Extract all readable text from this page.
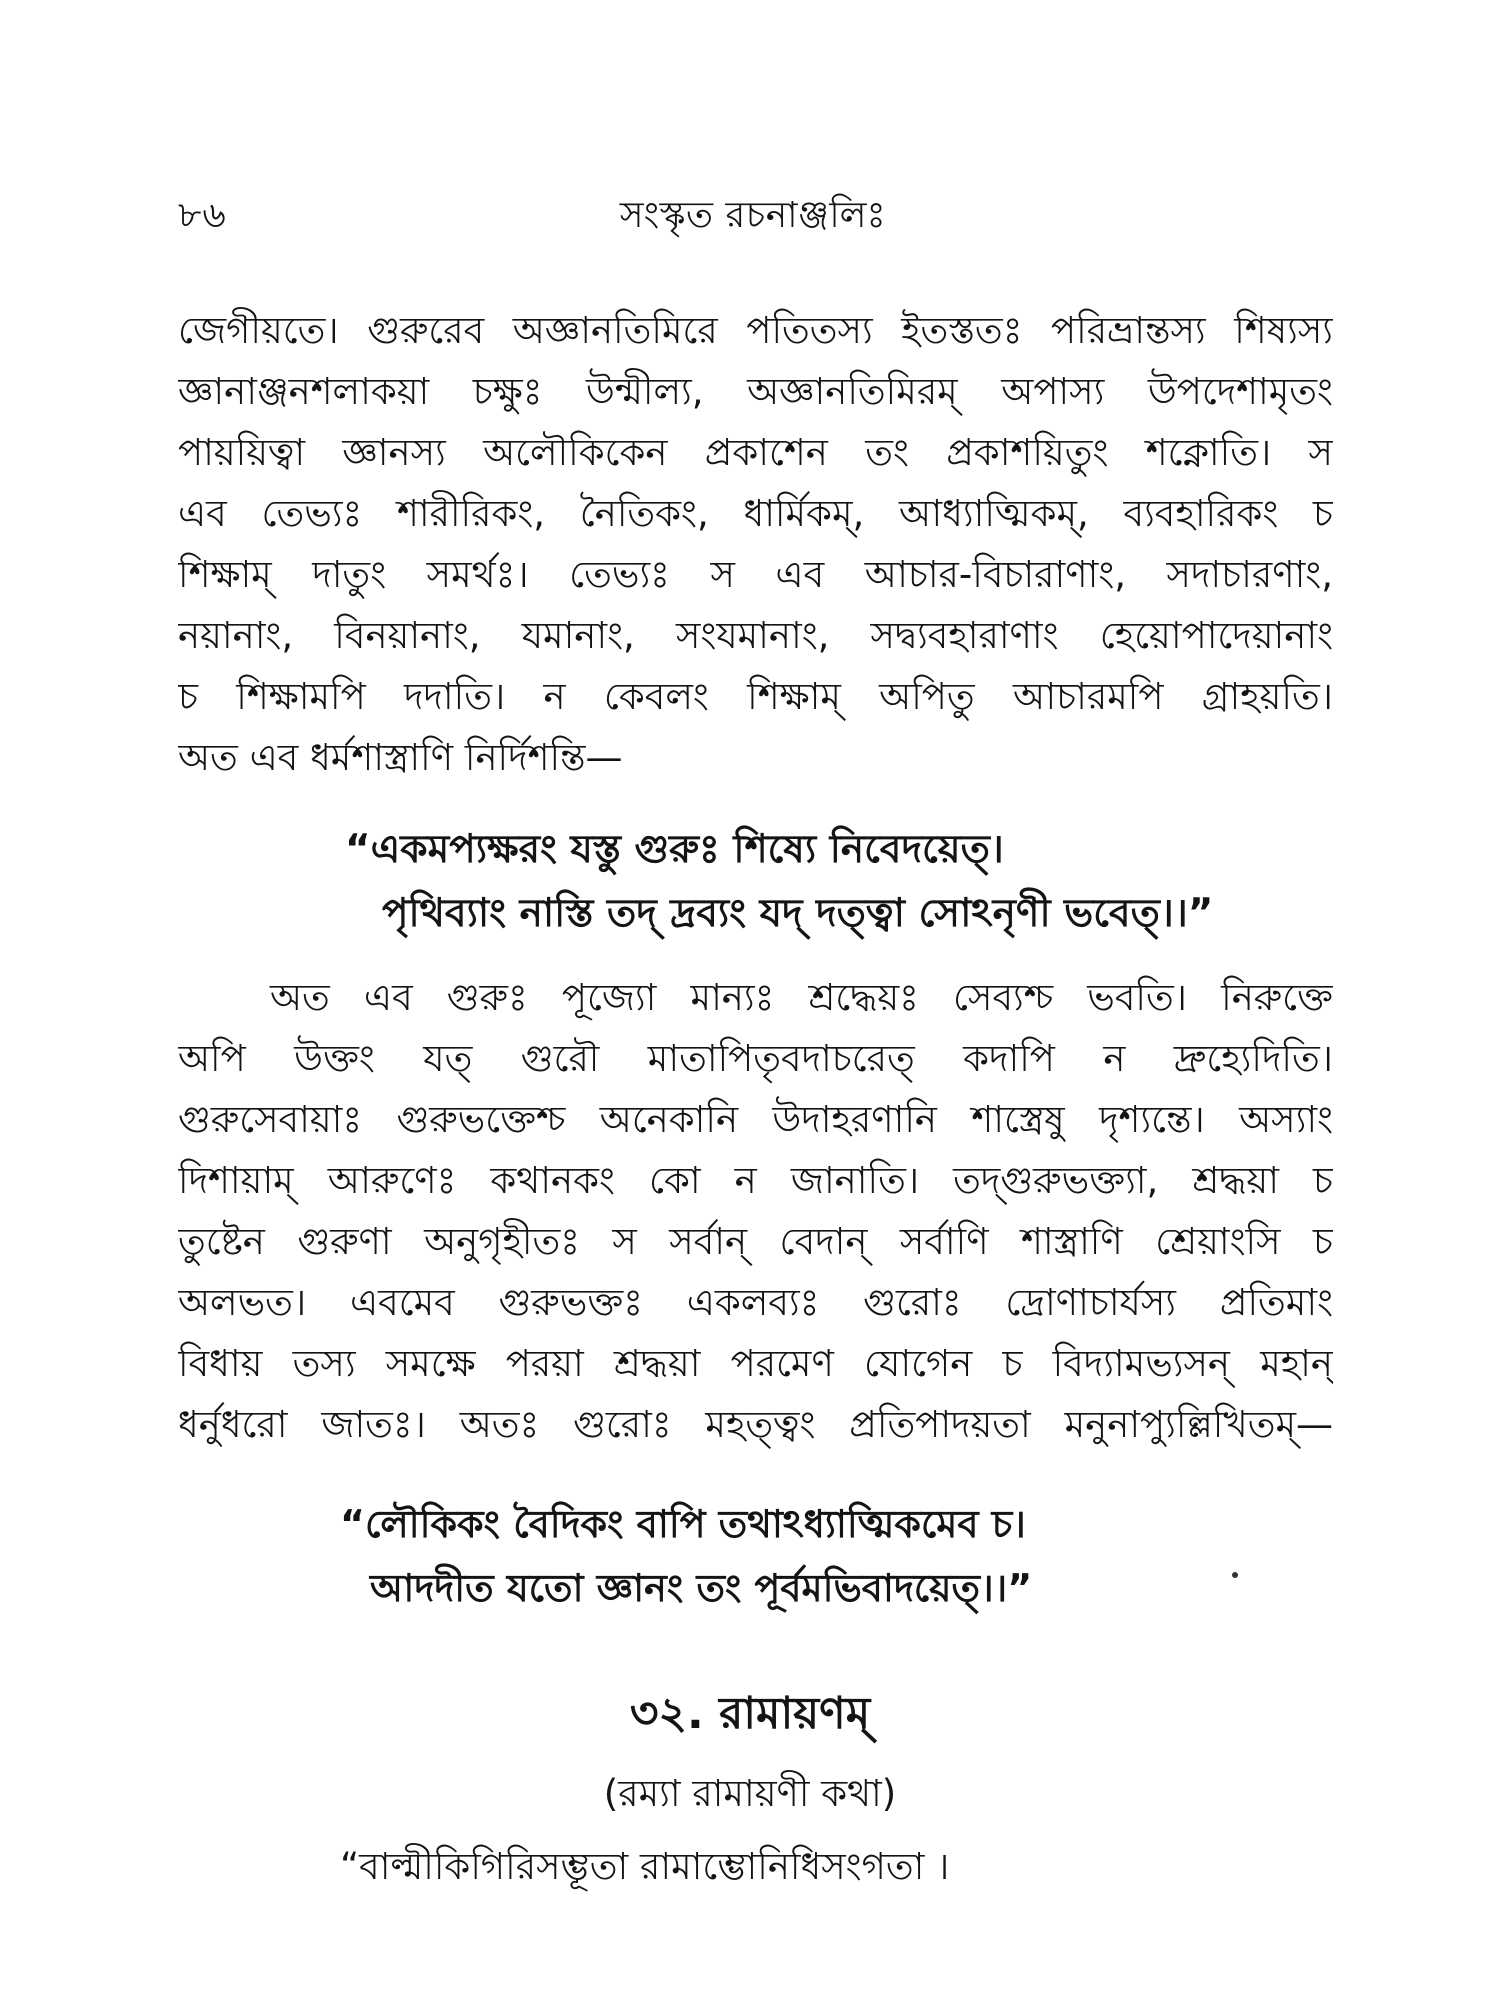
৮৬	সংস্কৃত রচনাঞ্জলিঃ
জেগীয়তে। গুরুরেব অজ্ঞানতিমিরে পতিতস্য ইতস্ততঃ পরিভ্রান্তস্য শিষ্যস্য
জ্ঞানাঞ্জনশলাকয়া চক্ষুঃ উন্মীল্য, অজ্ঞানতিমিরম্ অপাস্য উপদেশামৃতং
পায়য়িত্বা জ্ঞানস্য অলৌকিকেন প্রকাশেন তং প্রকাশয়িতুং শক্নোতি। স
এব তেভ্যঃ শারীরিকং, নৈতিকং, ধার্মিকম্, আধ্যাত্মিকম্, ব্যবহারিকং চ
শিক্ষাম্ দাতুং সমর্থঃ। তেভ্যঃ স এব আচার-বিচারাণাং, সদাচারণাং,
নয়ানাং, বিনয়ানাং, যমানাং, সংযমানাং, সদ্ব্যবহারাণাং হেয়োপাদেয়ানাং
চ শিক্ষামপি দদাতি। ন কেবলং শিক্ষাম্ অপিতু আচারমপি গ্রাহয়তি।
অত এব ধর্মশাস্ত্রাণি নির্দিশন্তি—
“একমপ্যক্ষরং যস্তু গুরুঃ শিষ্যে নিবেদয়েত্।
পৃথিব্যাং নাস্তি তদ্ দ্রব্যং যদ্ দত্ত্বা সোঽনৃণী ভবেত্।।”
অত এব গুরুঃ পূজ্যো মান্যঃ শ্রদ্ধেয়ঃ সেব্যশ্চ ভবতি। নিরুক্তে
অপি উক্তং যত্ গুরৌ মাতাপিতৃবদাচরেত্ কদাপি ন দ্রুহ্যেদিতি।
গুরুসেবায়াঃ গুরুভক্তেশ্চ অনেকানি উদাহরণানি শাস্ত্রেষু দৃশ্যন্তে। অস্যাং
দিশায়াম্ আরুণেঃ কথানকং কো ন জানাতি। তদ্গুরুভক্ত্যা, শ্রদ্ধয়া চ
তুষ্টেন গুরুণা অনুগৃহীতঃ স সর্বান্ বেদান্ সর্বাণি শাস্ত্রাণি শ্রেয়াংসি চ
অলভত। এবমেব গুরুভক্তঃ একলব্যঃ গুরোঃ দ্রোণাচার্যস্য প্রতিমাং
বিধায় তস্য সমক্ষে পরয়া শ্রদ্ধয়া পরমেণ যোগেন চ বিদ্যামভ্যসন্ মহান্
ধর্নুধরো জাতঃ। অতঃ গুরোঃ মহত্ত্বং প্রতিপাদয়তা মনুনাপ্যুল্লিখিতম্—
“লৌকিকং বৈদিকং বাপি তথাঽধ্যাত্মিকমেব চ।
আদদীত যতো জ্ঞানং তং পূর্বমভিবাদয়েত্।।”
৩২. রামায়ণম্
(রম্যা রামায়ণী কথা)
“বাল্মীকিগিরিসম্ভূতা রামাম্ভোনিধিসংগতা ।
